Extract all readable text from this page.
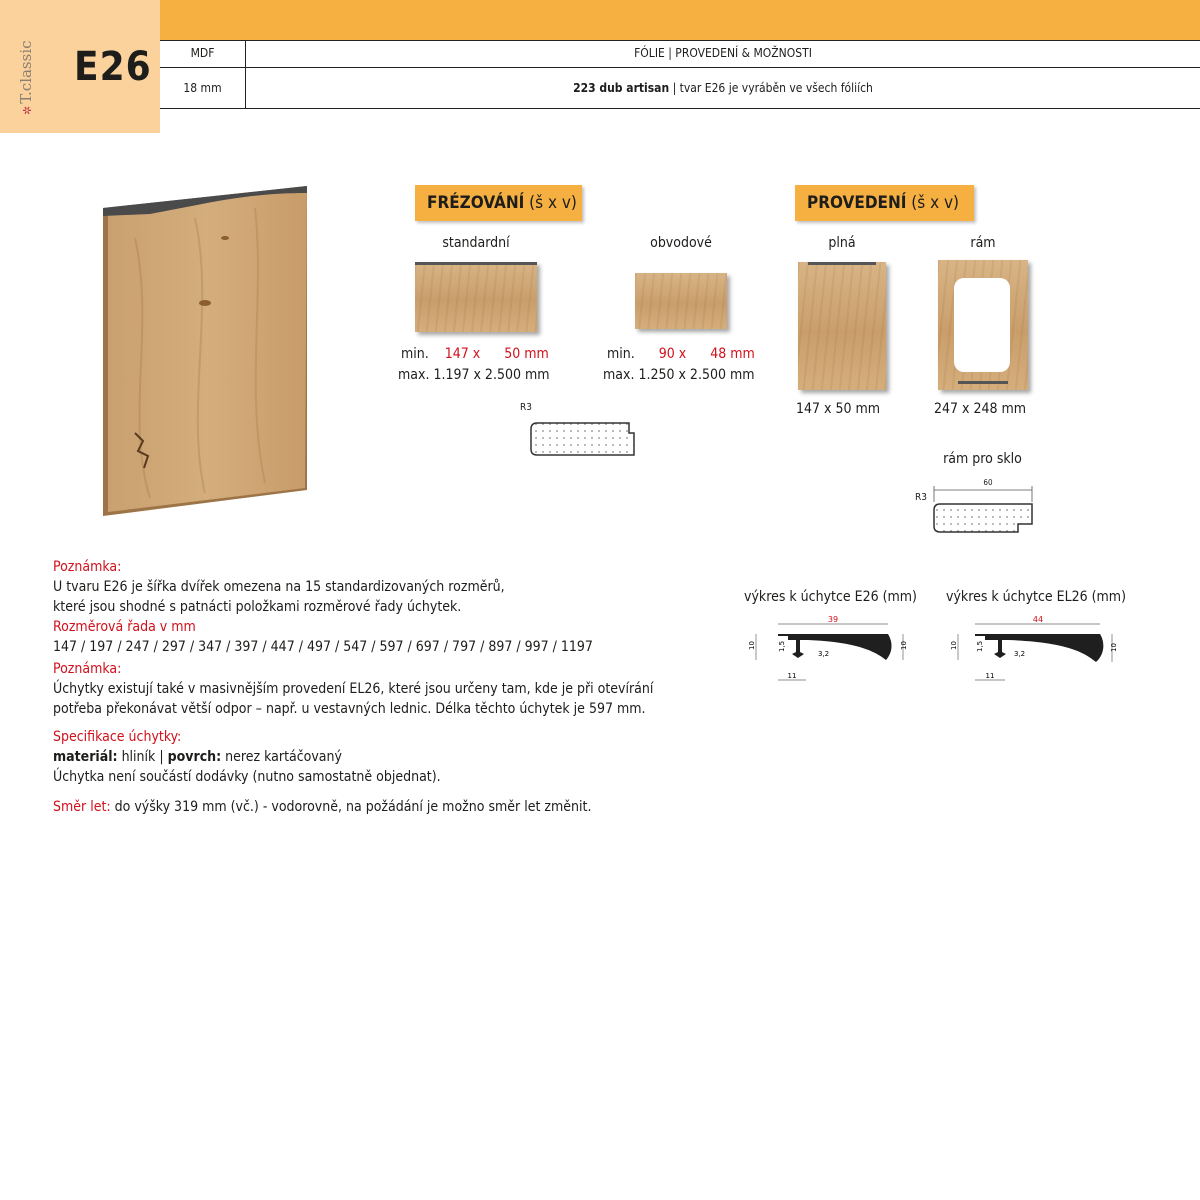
✲T.classic E26	MDF	FÓLIE | PROVEDENÍ & MOŽNOSTI
18 mm	223 dub artisan | tvar E26 je vyráběn ve všech fóliích
FRÉZOVÁNÍ (š x v)
standardní
min. 147 x 50 mm
max. 1.197 x 2.500 mm
obvodové
min. 90 x 48 mm
max. 1.250 x 2.500 mm
R3
PROVEDENÍ (š x v)
plná
147 x 50 mm
rám
247 x 248 mm
rám pro sklo
R3
60
Poznámka:
U tvaru E26 je šířka dvířek omezena na 15 standardizovaných rozměrů,
které jsou shodné s patnácti položkami rozměrové řady úchytek.
Rozměrová řada v mm
147 / 197 / 247 / 297 / 347 / 397 / 447 / 497 / 547 / 597 / 697 / 797 / 897 / 997 / 1197
Poznámka:
Úchytky existují také v masivnějším provedení EL26, které jsou určeny tam, kde je při otevírání
potřeba překonávat větší odpor – např. u vestavných lednic. Délka těchto úchytek je 597 mm.
Specifikace úchytky:
materiál: hliník | povrch: nerez kartáčovaný
Úchytka není součástí dodávky (nutno samostatně objednat).
Směr let: do výšky 319 mm (vč.) - vodorovně, na požádání je možno směr let změnit.
výkres k úchytce E26 (mm)	výkres k úchytce EL26 (mm)
39
10	1,5
3,2
10
11
44
10	1,5
3,2
10
11
